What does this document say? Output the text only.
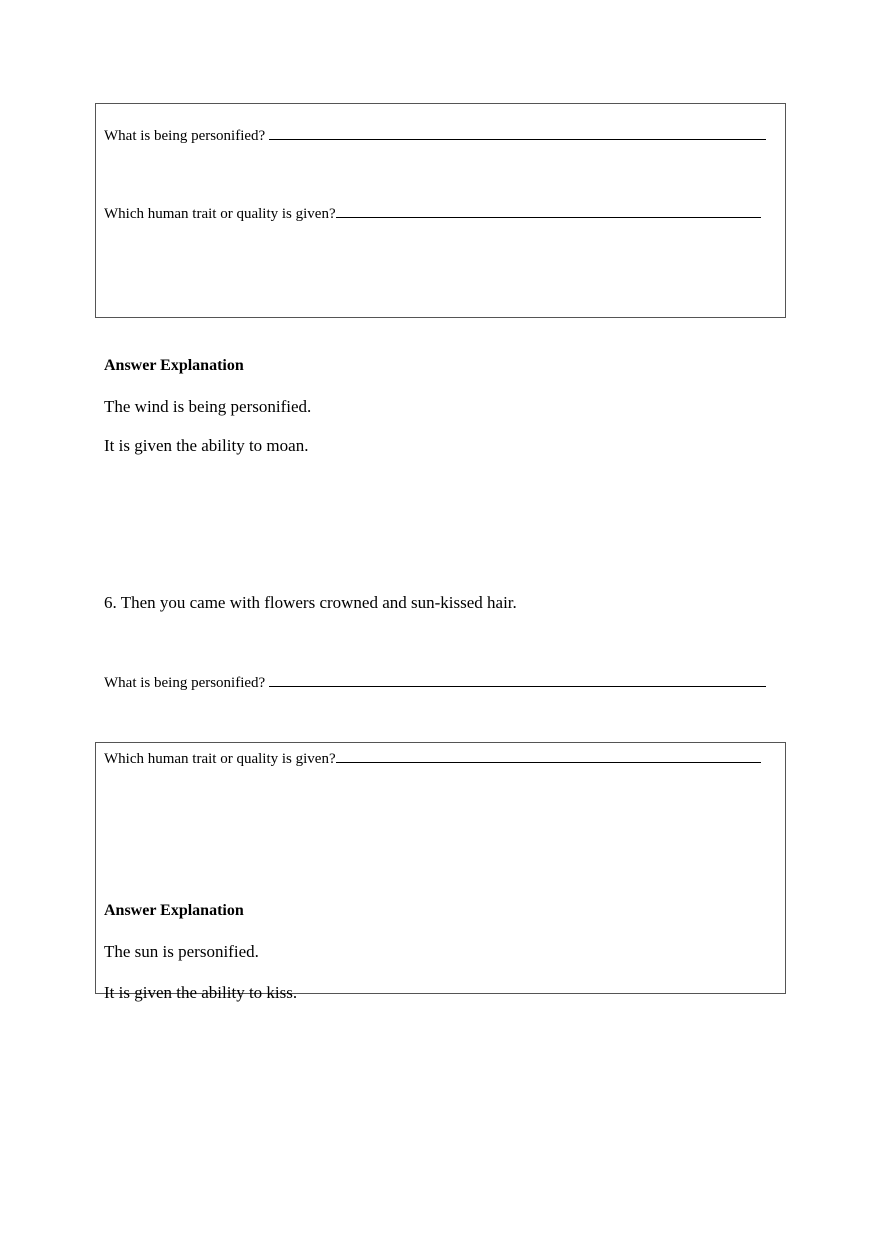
What is being personified?
Which human trait or quality is given?
Answer Explanation
The wind is being personified.
It is given the ability to moan.
6. Then you came with flowers crowned and sun-kissed hair.
What is being personified?
Which human trait or quality is given?
Answer Explanation
The sun is personified.
It is given the ability to kiss.
